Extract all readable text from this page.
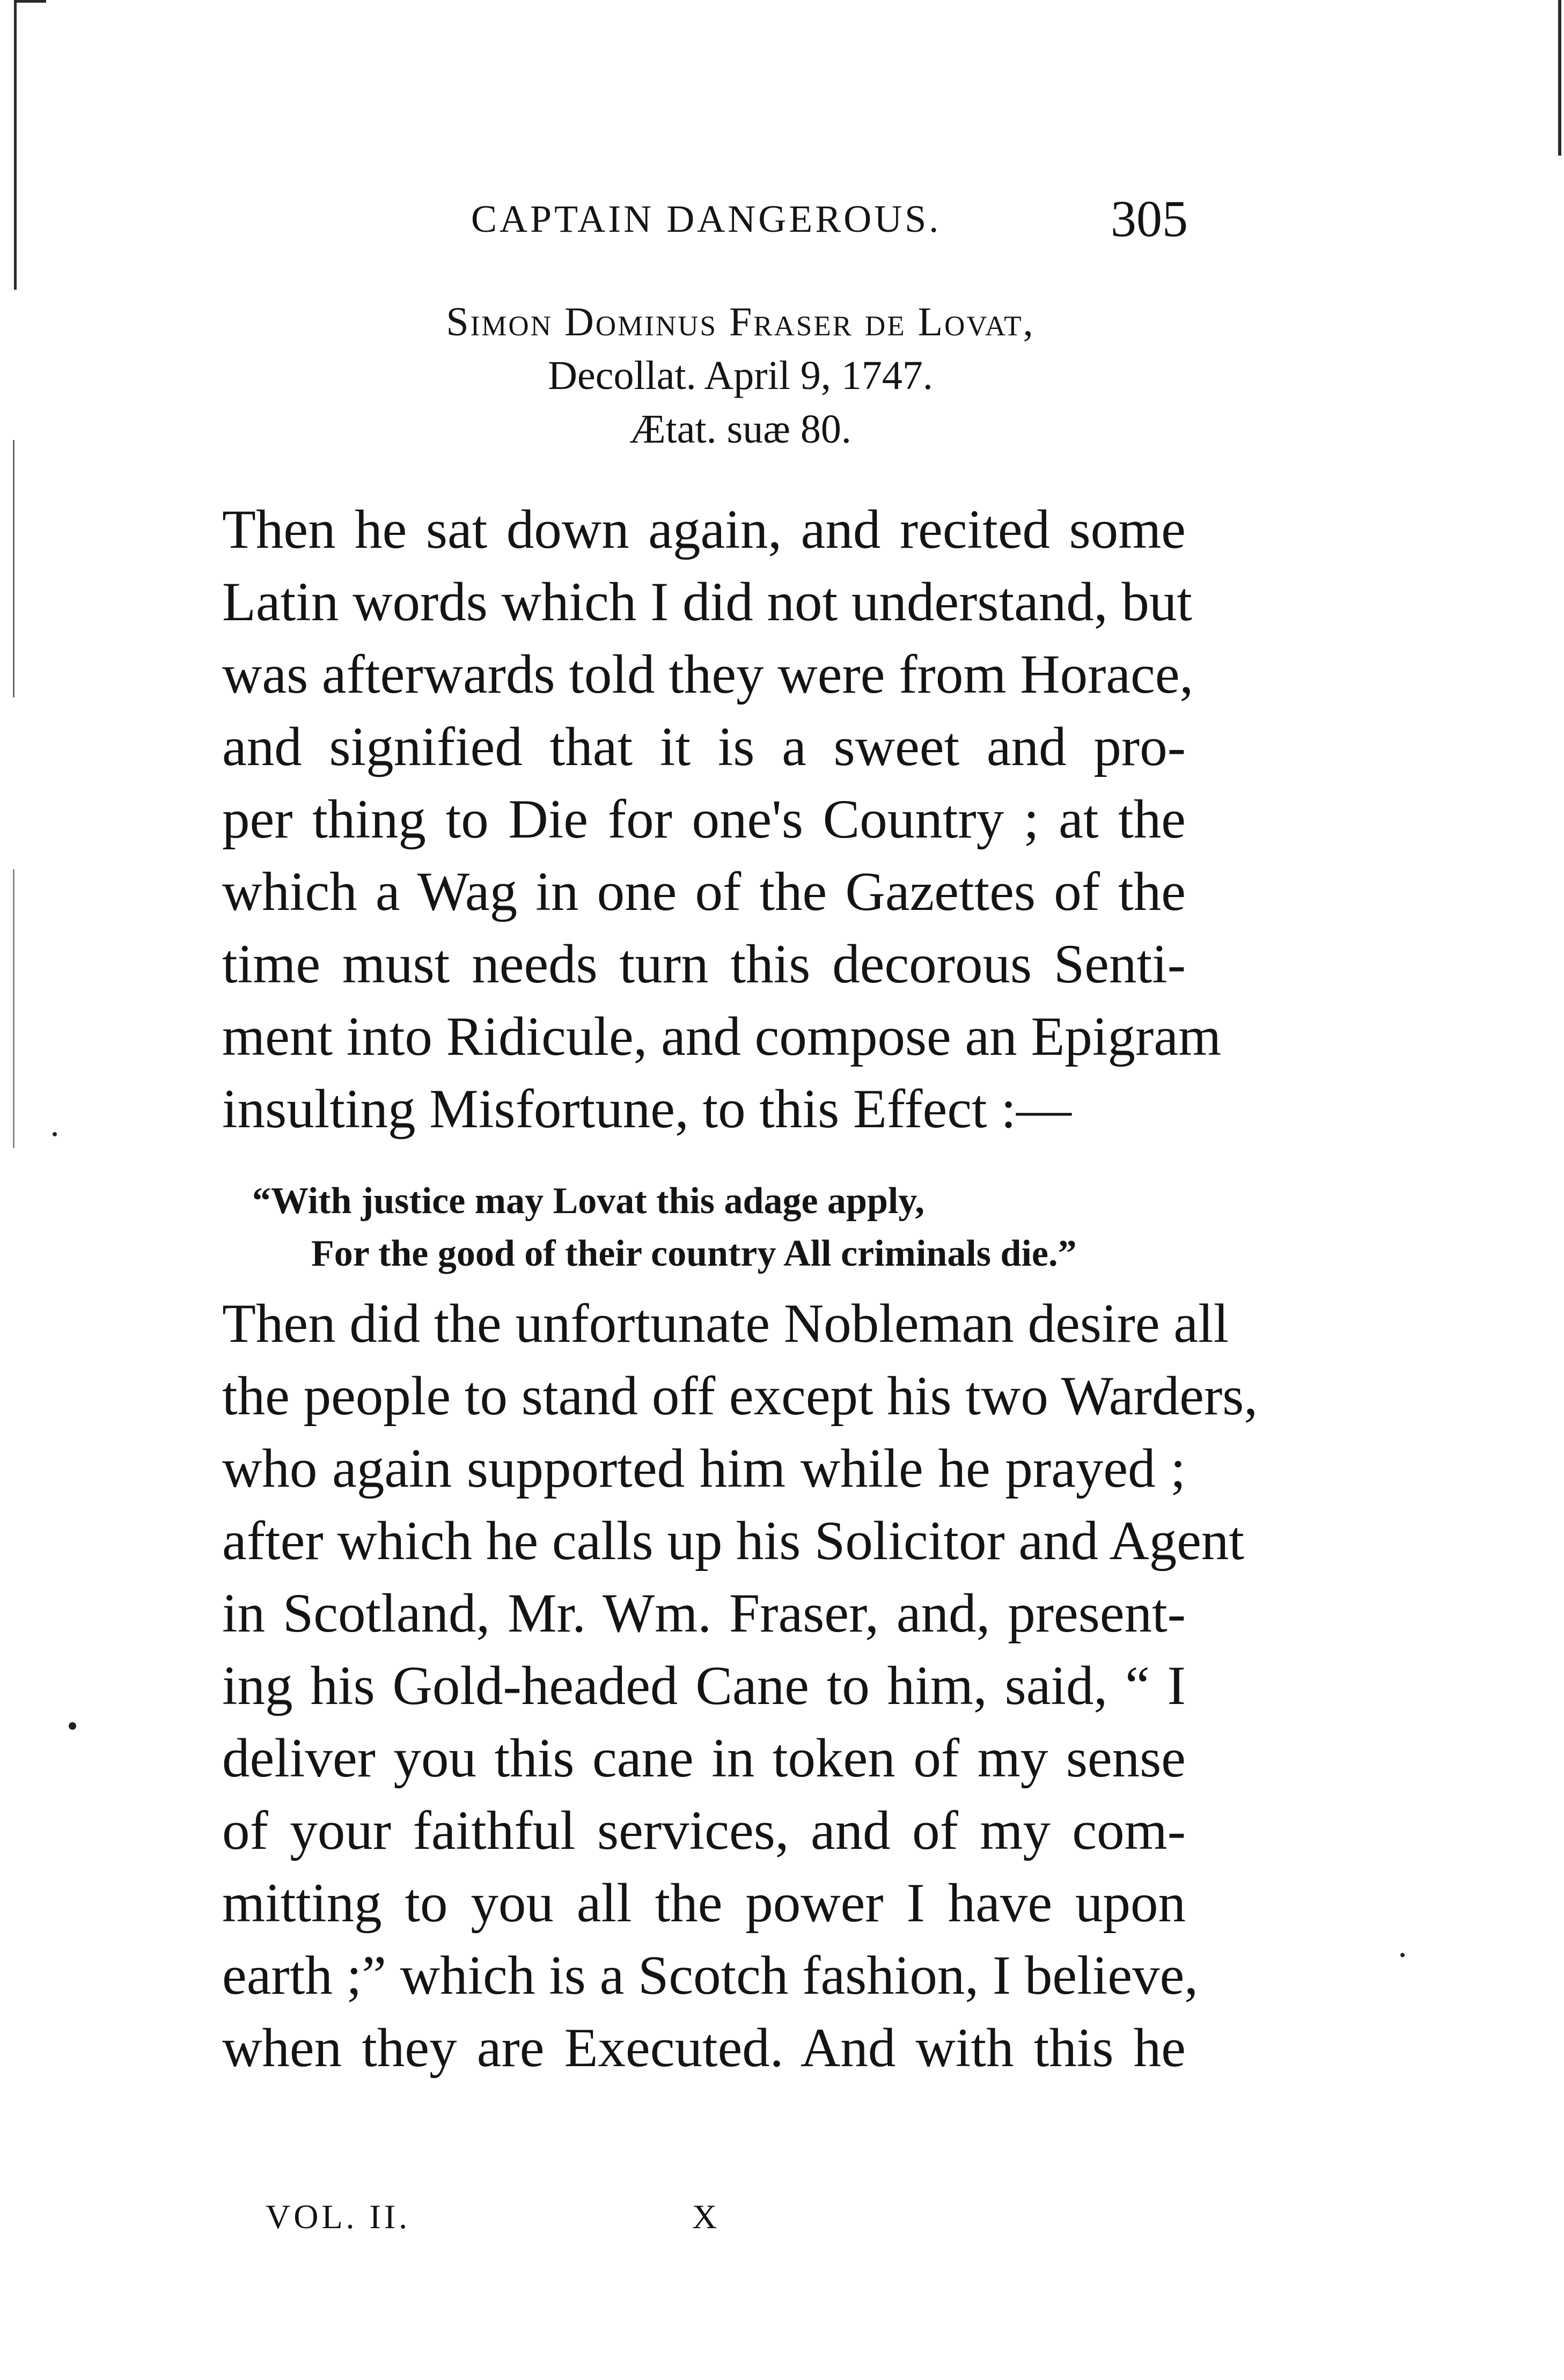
CAPTAIN DANGEROUS.	305
Simon Dominus Fraser de Lovat,
Decollat. April 9, 1747.
Ætat. suæ 80.
Then he sat down again, and recited some
Latin words which I did not understand, but
was afterwards told they were from Horace,
and signified that it is a sweet and pro-
per thing to Die for one's Country ; at the
which a Wag in one of the Gazettes of the
time must needs turn this decorous Senti-
ment into Ridicule, and compose an Epigram
insulting Misfortune, to this Effect :—
“With justice may Lovat this adage apply,
For the good of their country All criminals die.”
Then did the unfortunate Nobleman desire all
the people to stand off except his two Warders,
who again supported him while he prayed ;
after which he calls up his Solicitor and Agent
in Scotland, Mr. Wm. Fraser, and, present-
ing his Gold-headed Cane to him, said, “ I
deliver you this cane in token of my sense
of your faithful services, and of my com-
mitting to you all the power I have upon
earth ;” which is a Scotch fashion, I believe,
when they are Executed. And with this he
VOL. II.	X
